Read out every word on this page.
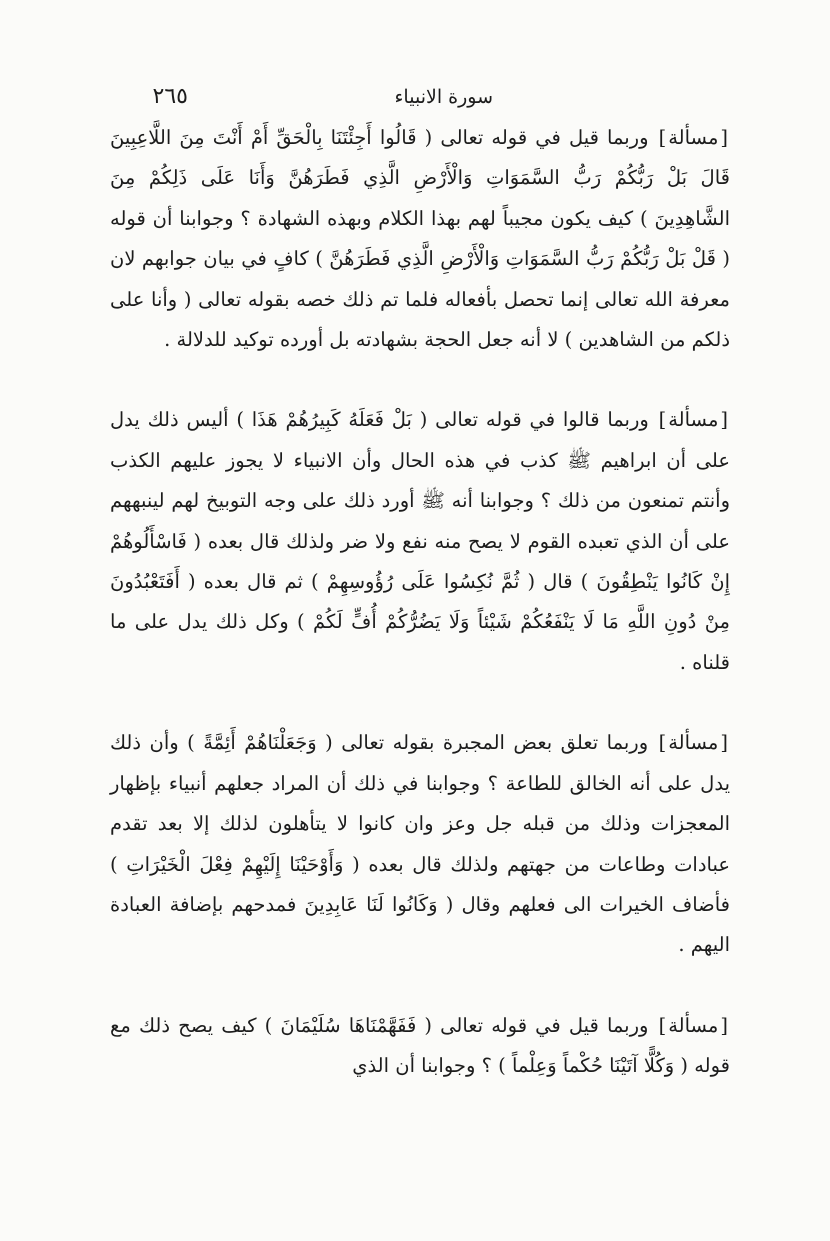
سورة الانبياء
٢٦٥

[مسألة] وربما قيل في قوله تعالى ( قَالُوا أَجِئْتَنَا بِالْحَقِّ أَمْ أَنْتَ مِنَ اللَّاعِبِينَ قَالَ بَلْ رَبُّكُمْ رَبُّ السَّمَوَاتِ وَالْأَرْضِ الَّذِي فَطَرَهُنَّ وَأَنَا عَلَى ذَلِكُمْ مِنَ الشَّاهِدِينَ ) كيف يكون مجيباً لهم بهذا الكلام وبهذه الشهادة ؟ وجوابنا أن قوله ( قَلْ بَلْ رَبُّكُمْ رَبُّ السَّمَوَاتِ وَالْأَرْضِ الَّذِي فَطَرَهُنَّ ) كافٍ في بيان جوابهم لان معرفة الله تعالى إنما تحصل بأفعاله فلما تم ذلك خصه بقوله تعالى ( وأنا على ذلكم من الشاهدين ) لا أنه جعل الحجة بشهادته بل أورده توكيد للدلالة .

[مسألة] وربما قالوا في قوله تعالى ( بَلْ فَعَلَهُ كَبِيرُهُمْ هَذَا ) أليس ذلك يدل على أن ابراهيم ﷺ كذب في هذه الحال وأن الانبياء لا يجوز عليهم الكذب وأنتم تمنعون من ذلك ؟ وجوابنا أنه ﷺ أورد ذلك على وجه التوبيخ لهم لينبههم على أن الذي تعبده القوم لا يصح منه نفع ولا ضر ولذلك قال بعده ( فَاسْأَلُوهُمْ إِنْ كَانُوا يَنْطِقُونَ ) قال ( ثُمَّ نُكِسُوا عَلَى رُؤُوسِهِمْ ) ثم قال بعده ( أَفَتَعْبُدُونَ مِنْ دُونِ اللَّهِ مَا لَا يَنْفَعُكُمْ شَيْئاً وَلَا يَضُرُّكُمْ أُفٍّ لَكُمْ ) وكل ذلك يدل على ما قلناه .

[مسألة] وربما تعلق بعض المجبرة بقوله تعالى ( وَجَعَلْنَاهُمْ أَئِمَّةً ) وأن ذلك يدل على أنه الخالق للطاعة ؟ وجوابنا في ذلك أن المراد جعلهم أنبياء بإظهار المعجزات وذلك من قبله جل وعز وان كانوا لا يتأهلون لذلك إلا بعد تقدم عبادات وطاعات من جهتهم ولذلك قال بعده ( وَأَوْحَيْنَا إِلَيْهِمْ فِعْلَ الْخَيْرَاتِ ) فأضاف الخيرات الى فعلهم وقال ( وَكَانُوا لَنَا عَابِدِينَ فمدحهم بإضافة العبادة اليهم .

[مسألة] وربما قيل في قوله تعالى ( فَفَهَّمْنَاهَا سُلَيْمَانَ ) كيف يصح ذلك مع قوله ( وَكُلًّا آتَيْنَا حُكْماً وَعِلْماً ) ؟ وجوابنا أن الذي
